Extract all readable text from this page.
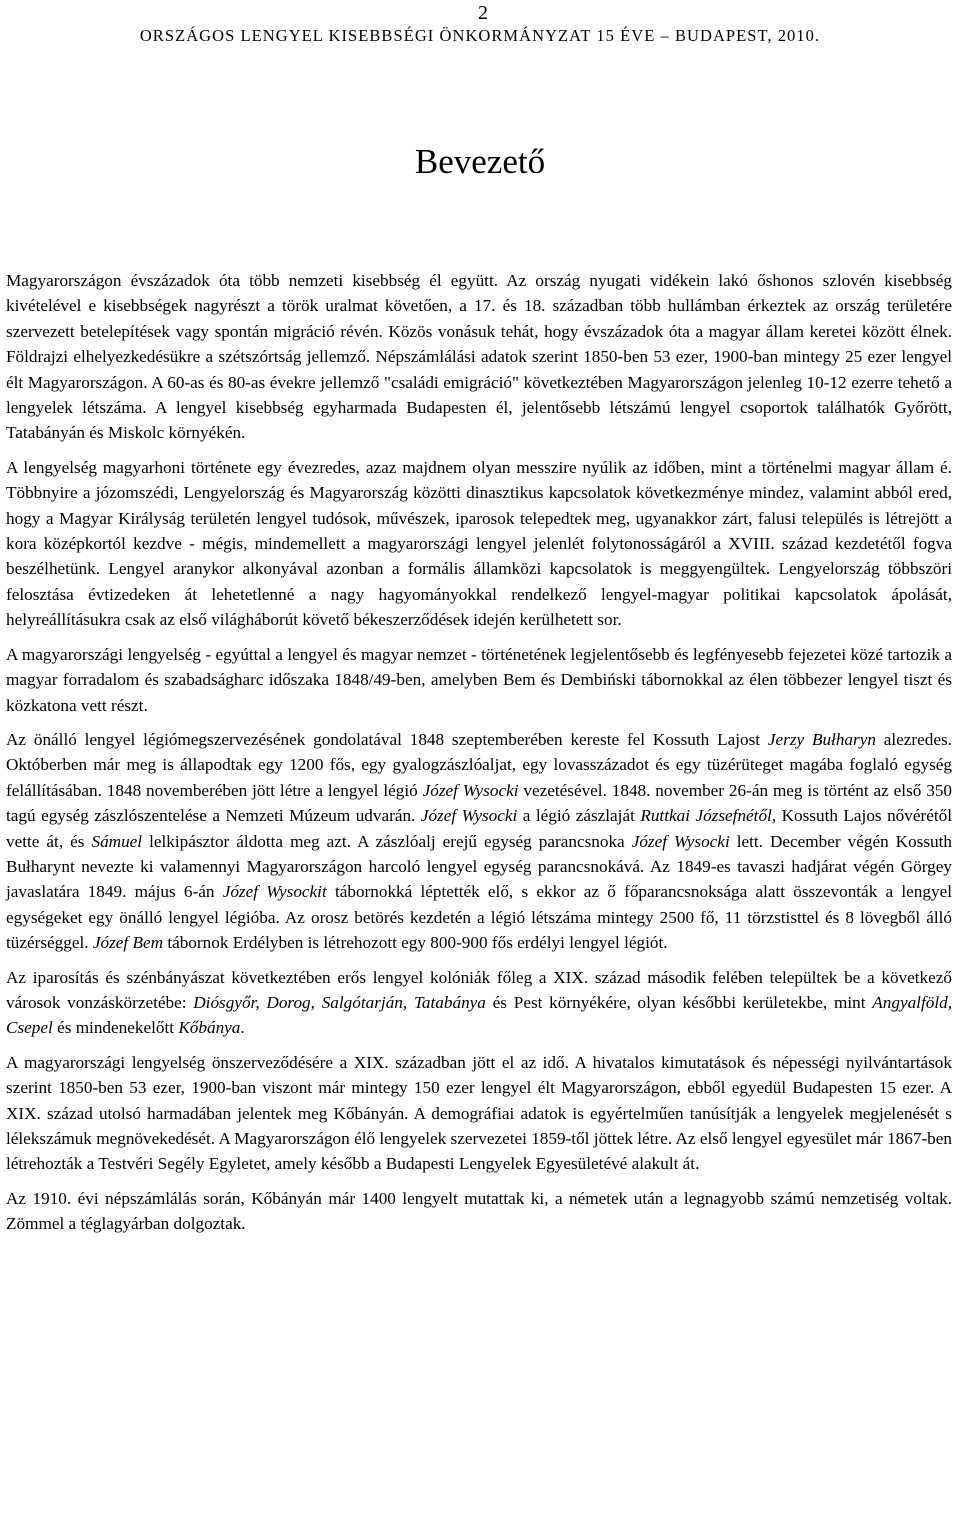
2
ORSZÁGOS LENGYEL KISEBBSÉGI ÖNKORMÁNYZAT 15 ÉVE – BUDAPEST, 2010.
Bevezető

Magyarországon évszázadok óta több nemzeti kisebbség él együtt. Az ország nyugati vidékein lakó őshonos szlovén kisebbség kivételével e kisebbségek nagyrészt a török uralmat követően, a 17. és 18. században több hullámban érkeztek az ország területére szervezett betelepítések vagy spontán migráció révén. Közös vonásuk tehát, hogy évszázadok óta a magyar állam keretei között élnek. Földrajzi elhelyezkedésükre a szétszórtság jellemző. Népszámlálási adatok szerint 1850-ben 53 ezer, 1900-ban mintegy 25 ezer lengyel élt Magyarországon. A 60-as és 80-as évekre jellemző "családi emigráció" következtében Magyarországon jelenleg 10-12 ezerre tehető a lengyelek létszáma. A lengyel kisebbség egyharmada Budapesten él, jelentősebb létszámú lengyel csoportok találhatók Győrött, Tatabányán és Miskolc környékén.

A lengyelség magyarhoni története egy évezredes, azaz majdnem olyan messzire nyúlik az időben, mint a történelmi magyar állam é. Többnyire a józomszédi, Lengyelország és Magyarország közötti dinasztikus kapcsolatok következménye mindez, valamint abból ered, hogy a Magyar Királyság területén lengyel tudósok, művészek, iparosok telepedtek meg, ugyanakkor zárt, falusi település is létrejött a kora középkortól kezdve - mégis, mindemellett a magyarországi lengyel jelenlét folytonosságáról a XVIII. század kezdetétől fogva beszélhetünk. Lengyel aranykor alkonyával azonban a formális államközi kapcsolatok is meggyengültek. Lengyelország többszöri felosztása évtizedeken át lehetetlenné a nagy hagyományokkal rendelkező lengyel-magyar politikai kapcsolatok ápolását, helyreállításukra csak az első világháborút követő békeszerződések idején kerülhetett sor.

A magyarországi lengyelség - egyúttal a lengyel és magyar nemzet - történetének legjelentősebb és legfényesebb fejezetei közé tartozik a magyar forradalom és szabadságharc időszaka 1848/49-ben, amelyben Bem és Dembiński tábornokkal az élen többezer lengyel tiszt és közkatona vett részt.

Az önálló lengyel légiómegszervezésének gondolatával 1848 szeptemberében kereste fel Kossuth Lajost Jerzy Bułharyn alezredes. Októberben már meg is állapodtak egy 1200 fős, egy gyalogzászlóaljat, egy lovasszázadot és egy tüzérüteget magába foglaló egység felállításában. 1848 novemberében jött létre a lengyel légió Józef Wysocki vezetésével. 1848. november 26-án meg is történt az első 350 tagú egység zászlószentelése a Nemzeti Múzeum udvarán. Józef Wysocki a légió zászlaját Ruttkai Józsefnétől, Kossuth Lajos nővérétől vette át, és Sámuel lelkipásztor áldotta meg azt. A zászlóalj erejű egység parancsnoka Józef Wysocki lett. December végén Kossuth Bułharynt nevezte ki valamennyi Magyarországon harcoló lengyel egység parancsnokává. Az 1849-es tavaszi hadjárat végén Görgey javaslatára 1849. május 6-án Józef Wysockit tábornokká léptették elő, s ekkor az ő főparancsnoksága alatt összevonták a lengyel egységeket egy önálló lengyel légióba. Az orosz betörés kezdetén a légió létszáma mintegy 2500 fő, 11 törzstisttel és 8 lövegből álló tüzérséggel. Józef Bem tábornok Erdélyben is létrehozott egy 800-900 fős erdélyi lengyel légiót.

Az iparosítás és szénbányászat következtében erős lengyel kolóniák főleg a XIX. század második felében települtek be a következő városok vonzáskörzetébe: Diósgyőr, Dorog, Salgótarján, Tatabánya és Pest környékére, olyan későbbi kerületekbe, mint Angyalföld, Csepel és mindenekelőtt Kőbánya.

A magyarországi lengyelség önszerveződésére a XIX. században jött el az idő. A hivatalos kimutatások és népességi nyilvántartások szerint 1850-ben 53 ezer, 1900-ban viszont már mintegy 150 ezer lengyel élt Magyarországon, ebből egyedül Budapesten 15 ezer. A XIX. század utolsó harmadában jelentek meg Kőbányán. A demográfiai adatok is egyértelműen tanúsítják a lengyelek megjelenését s lélekszámuk megnövekedését. A Magyarországon élő lengyelek szervezetei 1859-től jöttek létre. Az első lengyel egyesület már 1867-ben létrehozták a Testvéri Segély Egyletet, amely később a Budapesti Lengyelek Egyesületévé alakult át.

Az 1910. évi népszámlálás során, Kőbányán már 1400 lengyelt mutattak ki, a németek után a legnagyobb számú nemzetiség voltak. Zömmel a téglagyárban dolgoztak.
